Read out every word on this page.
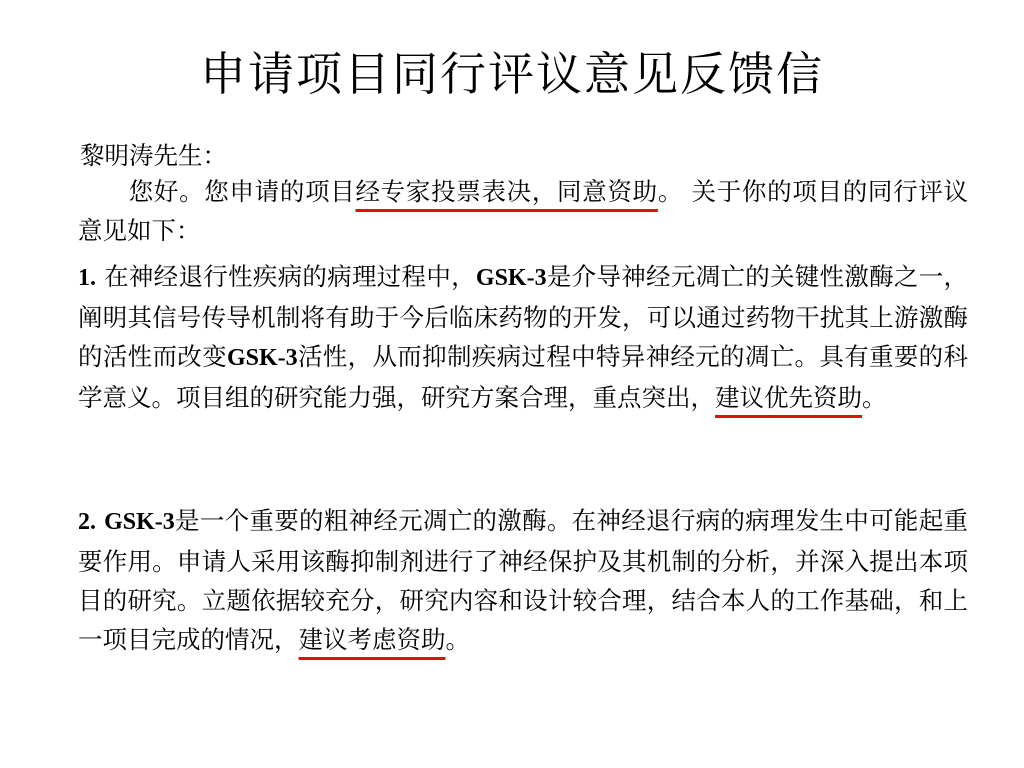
申请项目同行评议意见反馈信
黎明涛先生：
您好。您申请的项目经专家投票表决，同意资助。 关于你的项目的同行评议意见如下：
1. 在神经退行性疾病的病理过程中，GSK-3是介导神经元凋亡的关键性激酶之一，阐明其信号传导机制将有助于今后临床药物的开发，可以通过药物干扰其上游激酶的活性而改变GSK-3活性，从而抑制疾病过程中特异神经元的凋亡。具有重要的科学意义。项目组的研究能力强，研究方案合理，重点突出，建议优先资助。
2. GSK-3是一个重要的粗神经元凋亡的激酶。在神经退行病的病理发生中可能起重要作用。申请人采用该酶抑制剂进行了神经保护及其机制的分析，并深入提出本项目的研究。立题依据较充分，研究内容和设计较合理，结合本人的工作基础，和上一项目完成的情况，建议考虑资助。
